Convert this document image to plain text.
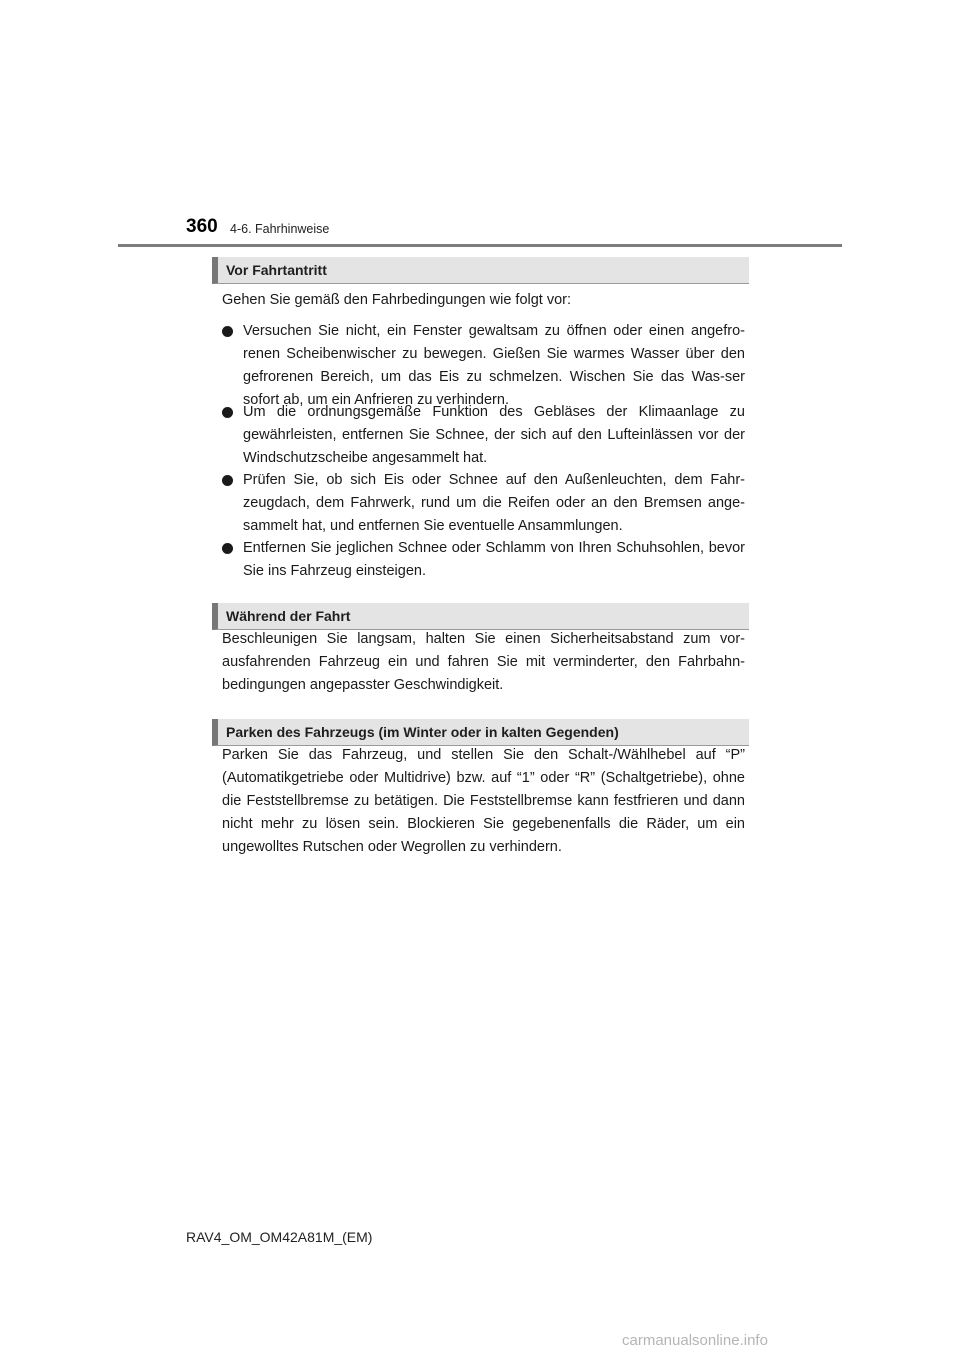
360 4-6. Fahrhinweise
Vor Fahrtantritt

Gehen Sie gemäß den Fahrbedingungen wie folgt vor:

Versuchen Sie nicht, ein Fenster gewaltsam zu öffnen oder einen angefro-renen Scheibenwischer zu bewegen. Gießen Sie warmes Wasser über den gefrorenen Bereich, um das Eis zu schmelzen. Wischen Sie das Was-ser sofort ab, um ein Anfrieren zu verhindern.

Um die ordnungsgemäße Funktion des Gebläses der Klimaanlage zu gewährleisten, entfernen Sie Schnee, der sich auf den Lufteinlässen vor der Windschutzscheibe angesammelt hat.

Prüfen Sie, ob sich Eis oder Schnee auf den Außenleuchten, dem Fahr-zeugdach, dem Fahrwerk, rund um die Reifen oder an den Bremsen ange-sammelt hat, und entfernen Sie eventuelle Ansammlungen.

Entfernen Sie jeglichen Schnee oder Schlamm von Ihren Schuhsohlen, bevor Sie ins Fahrzeug einsteigen.

Während der Fahrt

Beschleunigen Sie langsam, halten Sie einen Sicherheitsabstand zum vor-ausfahrenden Fahrzeug ein und fahren Sie mit verminderter, den Fahrbahn-bedingungen angepasster Geschwindigkeit.

Parken des Fahrzeugs (im Winter oder in kalten Gegenden)

Parken Sie das Fahrzeug, und stellen Sie den Schalt-/Wählhebel auf “P” (Automatikgetriebe oder Multidrive) bzw. auf “1” oder “R” (Schaltgetriebe), ohne die Feststellbremse zu betätigen. Die Feststellbremse kann festfrieren und dann nicht mehr zu lösen sein. Blockieren Sie gegebenenfalls die Räder, um ein ungewolltes Rutschen oder Wegrollen zu verhindern.

RAV4_OM_OM42A81M_(EM)
carmanualsonline.info
